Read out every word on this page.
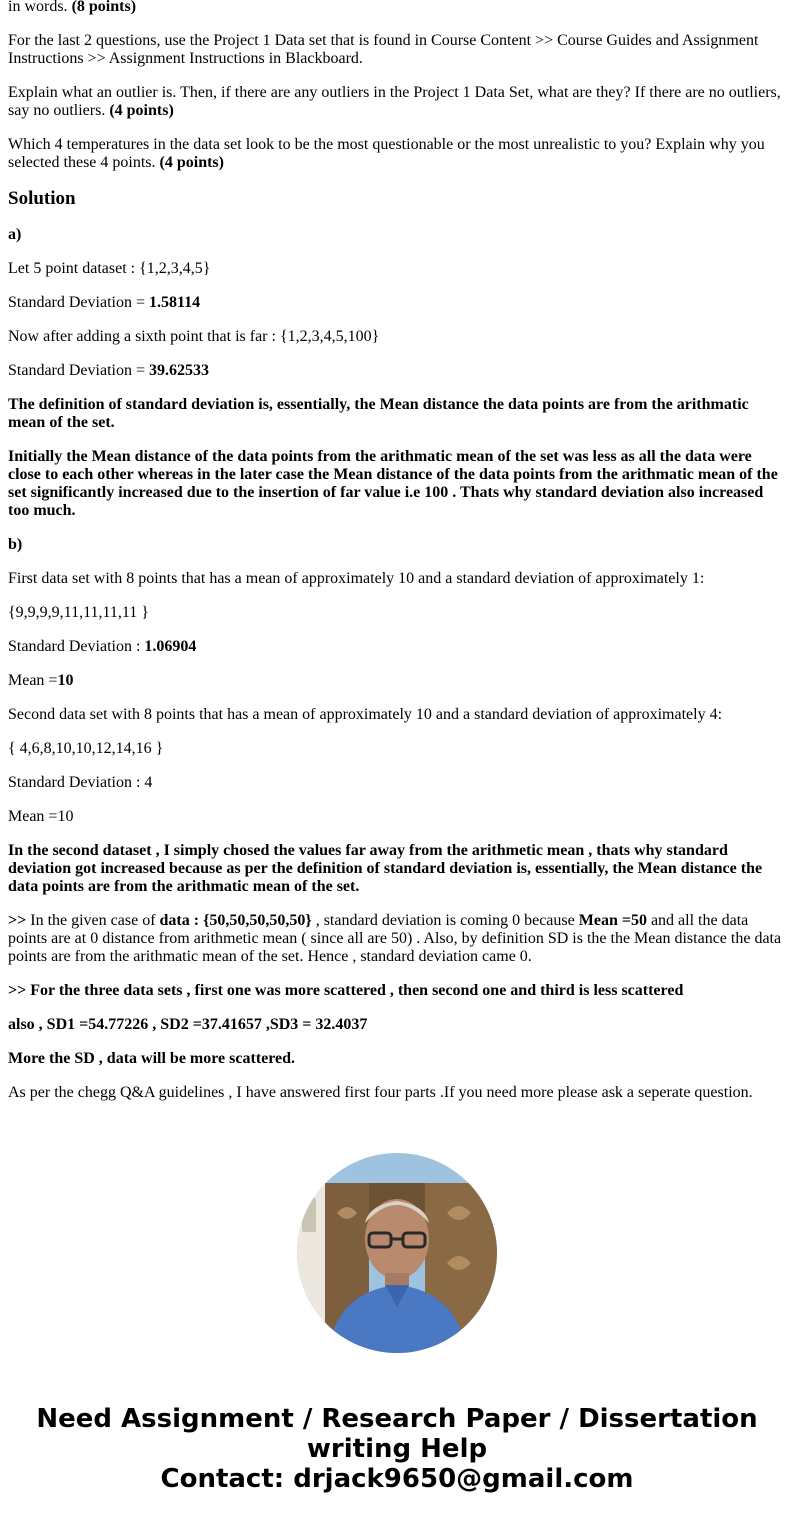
in words. (8 points)

For the last 2 questions, use the Project 1 Data set that is found in Course Content >> Course Guides and Assignment Instructions >> Assignment Instructions in Blackboard.

Explain what an outlier is. Then, if there are any outliers in the Project 1 Data Set, what are they? If there are no outliers, say no outliers. (4 points)

Which 4 temperatures in the data set look to be the most questionable or the most unrealistic to you? Explain why you selected these 4 points. (4 points)

Solution

a)

Let 5 point dataset : {1,2,3,4,5}

Standard Deviation = 1.58114

Now after adding a sixth point that is far : {1,2,3,4,5,100}

Standard Deviation = 39.62533

The definition of standard deviation is, essentially, the Mean distance the data points are from the arithmatic mean of the set.

Initially the Mean distance of the data points from the arithmatic mean of the set was less as all the data were close to each other whereas in the later case the Mean distance of the data points from the arithmatic mean of the set significantly increased due to the insertion of far value i.e 100 . Thats why standard deviation also increased too much.

b)

First data set with 8 points that has a mean of approximately 10 and a standard deviation of approximately 1:

{9,9,9,9,11,11,11,11 }

Standard Deviation : 1.06904

Mean =10

Second data set with 8 points that has a mean of approximately 10 and a standard deviation of approximately 4:

{ 4,6,8,10,10,12,14,16 }

Standard Deviation : 4

Mean =10

In the second dataset , I simply chosed the values far away from the arithmetic mean , thats why standard deviation got increased because as per the definition of standard deviation is, essentially, the Mean distance the data points are from the arithmatic mean of the set.

>> In the given case of data : {50,50,50,50,50} , standard deviation is coming 0 because Mean =50 and all the data points are at 0 distance from arithmetic mean ( since all are 50) . Also, by definition SD is the the Mean distance the data points are from the arithmatic mean of the set. Hence , standard deviation came 0.

>> For the three data sets , first one was more scattered , then second one and third is less scattered

also , SD1 =54.77226 , SD2 =37.41657 ,SD3 = 32.4037

More the SD , data will be more scattered.

As per the chegg Q&A guidelines , I have answered first four parts .If you need more please ask a seperate question.

Need Assignment / Research Paper / Dissertation
writing Help
Contact: drjack9650@gmail.com
